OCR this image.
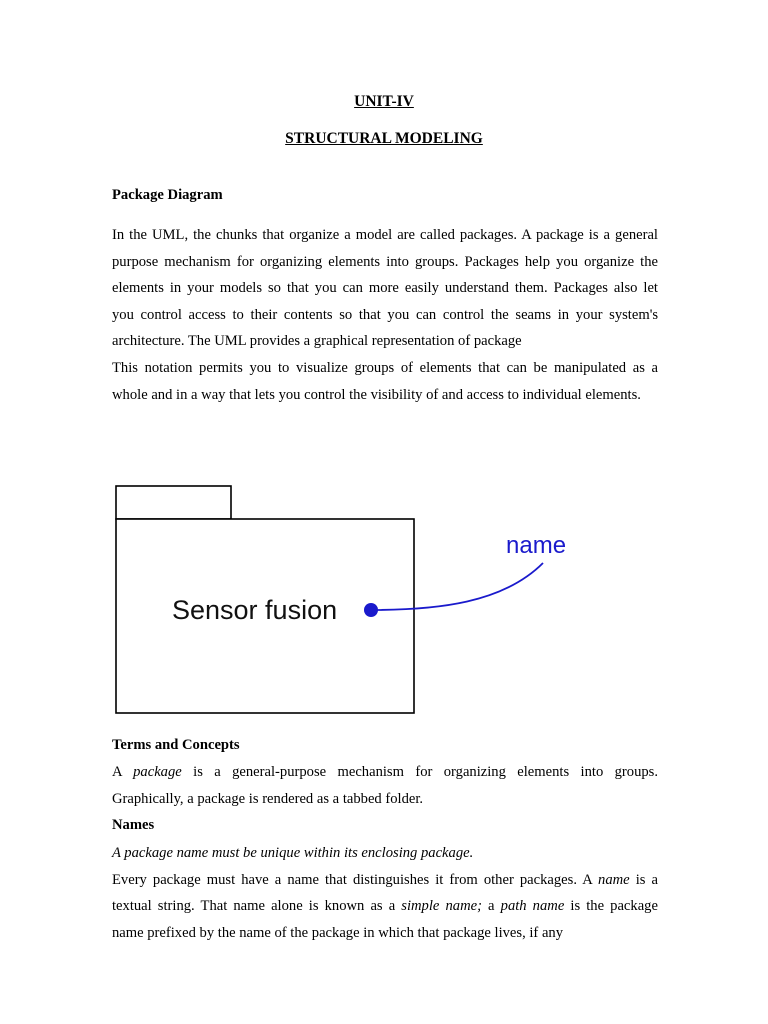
UNIT-IV
STRUCTURAL MODELING
Package Diagram
In the UML, the chunks that organize a model are called packages. A package is a general
purpose mechanism for organizing elements into groups. Packages help you organize the
elements in your models so that you can more easily understand them. Packages also let
you control access to their contents so that you can control the seams in your system's
architecture. The UML provides a graphical representation of package
This notation permits you to visualize groups of elements that can be manipulated as a
whole and in a way that lets you control the visibility of and access to individual elements.
Sensor fusion
name
Terms and Concepts
A package is a general-purpose mechanism for organizing elements into groups.
Graphically, a package is rendered as a tabbed folder.
Names
A package name must be unique within its enclosing package.
Every package must have a name that distinguishes it from other packages. A name is a
textual string. That name alone is known as a simple name; a path name is the package
name prefixed by the name of the package in which that package lives, if any
